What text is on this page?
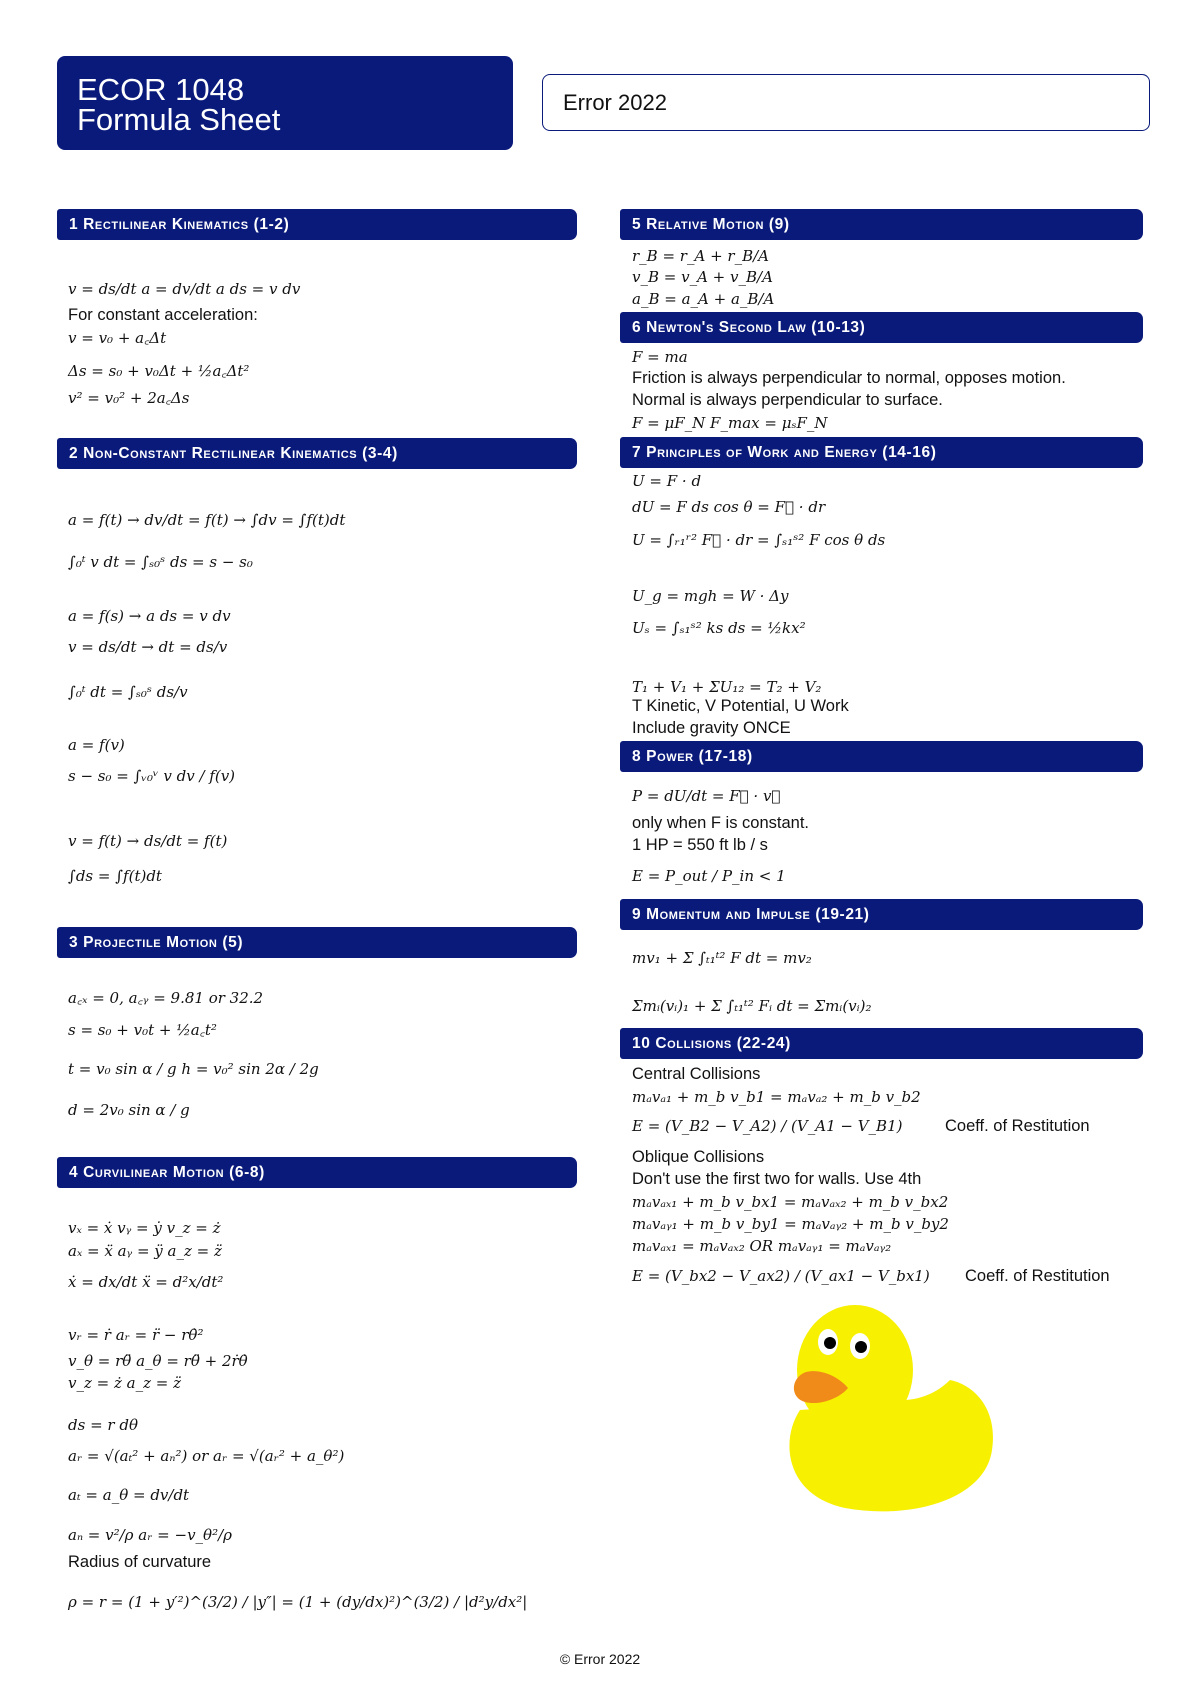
ECOR 1048
Formula Sheet	Error 2022
1 Rectilinear Kinematics (1-2)
v = ds/dt a = dv/dt a ds = v dv
For constant acceleration:
v = v₀ + a꜀Δt
Δs = s₀ + v₀Δt + ½a꜀Δt²
v² = v₀² + 2a꜀Δs
2 Non-Constant Rectilinear Kinematics (3-4)
a = f(t) → dv/dt = f(t) → ∫dv = ∫f(t)dt
∫₀ᵗ v dt = ∫ₛ₀ˢ ds = s − s₀
a = f(s) → a ds = v dv
v = ds/dt → dt = ds/v
∫₀ᵗ dt = ∫ₛ₀ˢ ds/v
a = f(v)
s − s₀ = ∫ᵥ₀ᵛ v dv / f(v)
v = f(t) → ds/dt = f(t)
∫ds = ∫f(t)dt
3 Projectile Motion (5)
a꜀ₓ = 0, a꜀ᵧ = 9.81 or 32.2
s = s₀ + v₀t + ½a꜀t²
t = v₀ sin α / g h = v₀² sin 2α / 2g
d = 2v₀ sin α / g
4 Curvilinear Motion (6-8)
vₓ = ẋ vᵧ = ẏ v_z = ż
aₓ = ẍ aᵧ = ÿ a_z = z̈
ẋ = dx/dt ẍ = d²x/dt²
vᵣ = ṙ aᵣ = r̈ − rθ̇²
v_θ = rθ̈ a_θ = rθ̈ + 2ṙθ̇
v_z = ż a_z = z̈
ds = r dθ
aᵣ = √(aₜ² + aₙ²) or aᵣ = √(aᵣ² + a_θ²)
aₜ = a_θ = dv/dt
aₙ = v²/ρ aᵣ = −v_θ²/ρ
Radius of curvature
ρ = r = (1 + y′²)^(3/2) / |y″| = (1 + (dy/dx)²)^(3/2) / |d²y/dx²|
5 Relative Motion (9)
r_B = r_A + r_B/A
v_B = v_A + v_B/A
a_B = a_A + a_B/A
6 Newton's Second Law (10-13)
F = ma
Friction is always perpendicular to normal, opposes motion.
Normal is always perpendicular to surface.
F = μF_N F_max = μₛF_N
7 Principles of Work and Energy (14-16)
U = F · d
dU = F ds cos θ = F⃗ · dr
U = ∫ᵣ₁ʳ² F⃗ · dr = ∫ₛ₁ˢ² F cos θ ds
U_g = mgh = W · Δy
Uₛ = ∫ₛ₁ˢ² ks ds = ½kx²
T₁ + V₁ + ΣU₁₂ = T₂ + V₂
T Kinetic, V Potential, U Work
Include gravity ONCE
8 Power (17-18)
P = dU/dt = F⃗ · v⃗
only when F is constant.
1 HP = 550 ft lb / s
E = P_out / P_in < 1
9 Momentum and Impulse (19-21)
mv₁ + Σ ∫ₜ₁ᵗ² F dt = mv₂
Σmᵢ(vᵢ)₁ + Σ ∫ₜ₁ᵗ² Fᵢ dt = Σmᵢ(vᵢ)₂
10 Collisions (22-24)
Central Collisions
mₐvₐ₁ + m_b v_b1 = mₐvₐ₂ + m_b v_b2
E = (V_B2 − V_A2) / (V_A1 − V_B1)	Coeff. of Restitution
Oblique Collisions
Don't use the first two for walls. Use 4th
mₐvₐₓ₁ + m_b v_bx1 = mₐvₐₓ₂ + m_b v_bx2
mₐvₐᵧ₁ + m_b v_by1 = mₐvₐᵧ₂ + m_b v_by2
mₐvₐₓ₁ = mₐvₐₓ₂ OR mₐvₐᵧ₁ = mₐvₐᵧ₂
E = (V_bx2 − V_ax2) / (V_ax1 − V_bx1) Coeff. of Restitution
© Error 2022
